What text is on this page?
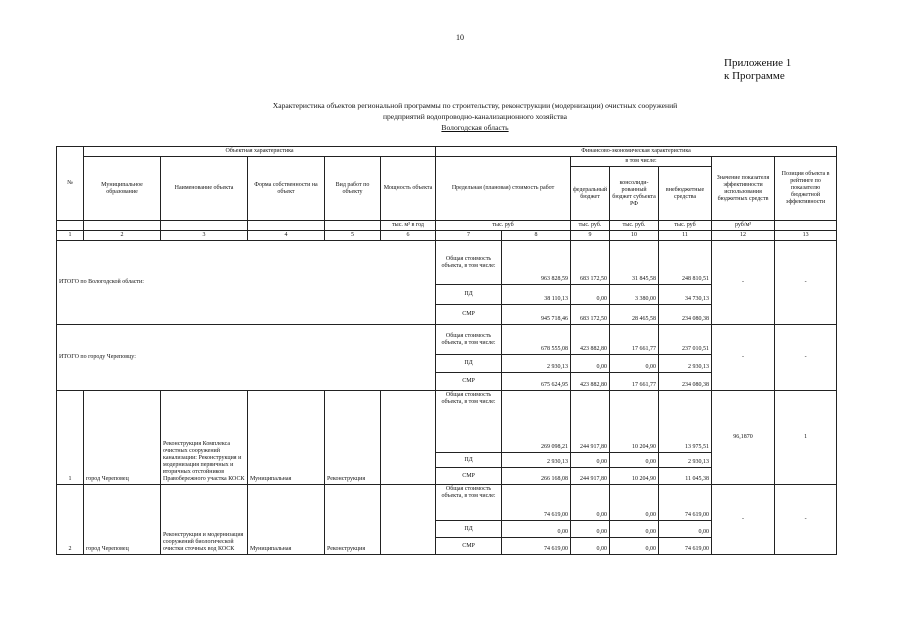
10
Приложение 1
к Программе
Характеристика объектов региональной программы по строительству, реконструкции (модернизации) очистных сооружений
предприятий водопроводно-канализационного хозяйства
Вологодская область
№	Объектная характеристика					Финансово-экономическая характеристика						
	Муниципальное образование	Наименование объекта	Форма собственности на объект	Вид работ по объекту	Мощность объекта	Предельная (плановая) стоимость работ		в том числе:			Значение показателя эффективности использования бюджетных средств	Позиция объекта в рейтинге по показателю бюджетной эффективности
								федеральный бюджет	консолиди-рованный бюджет субъекта РФ	внебюджетные средства		
					тыс. м³ в год	тыс. руб		тыс. руб.	тыс. руб.	тыс. руб	руб/м³	
1	2	3	4	5	6	7	8	9	10	11	12	13
ИТОГО по Вологодской области:						Общая стоимость объекта, в том числе:	963 828,59	683 172,50	31 845,58	248 810,51	-	-
						ПД	38 110,13	0,00	3 380,00	34 730,13		
						СМР	945 718,46	683 172,50	28 465,58	234 080,38		
ИТОГО по городу Череповцу:						Общая стоимость объекта, в том числе:	678 555,08	423 882,80	17 661,77	237 010,51	-	-
						ПД	2 930,13	0,00	0,00	2 930,13		
						СМР	675 624,95	423 882,80	17 661,77	234 080,38		
1	город Череповец	Реконструкция Комплекса очистных сооружений канализации: Реконструкция и модернизация первичных и вторичных отстойников Правобережного участка КОСК	Муниципальная	Реконструкция		Общая стоимость объекта, в том числе:	269 098,21	244 917,80	10 204,90	13 975,51	96,1870	1
						ПД	2 930,13	0,00	0,00	2 930,13		
						СМР	266 168,08	244 917,80	10 204,90	11 045,38		
2	город Череповец	Реконструкция и модернизация сооружений биологической очистки сточных вод КОСК	Муниципальная	Реконструкция		Общая стоимость объекта, в том числе:	74 619,00	0,00	0,00	74 619,00	-	-
						ПД	0,00	0,00	0,00	0,00		
						СМР	74 619,00	0,00	0,00	74 619,00		
